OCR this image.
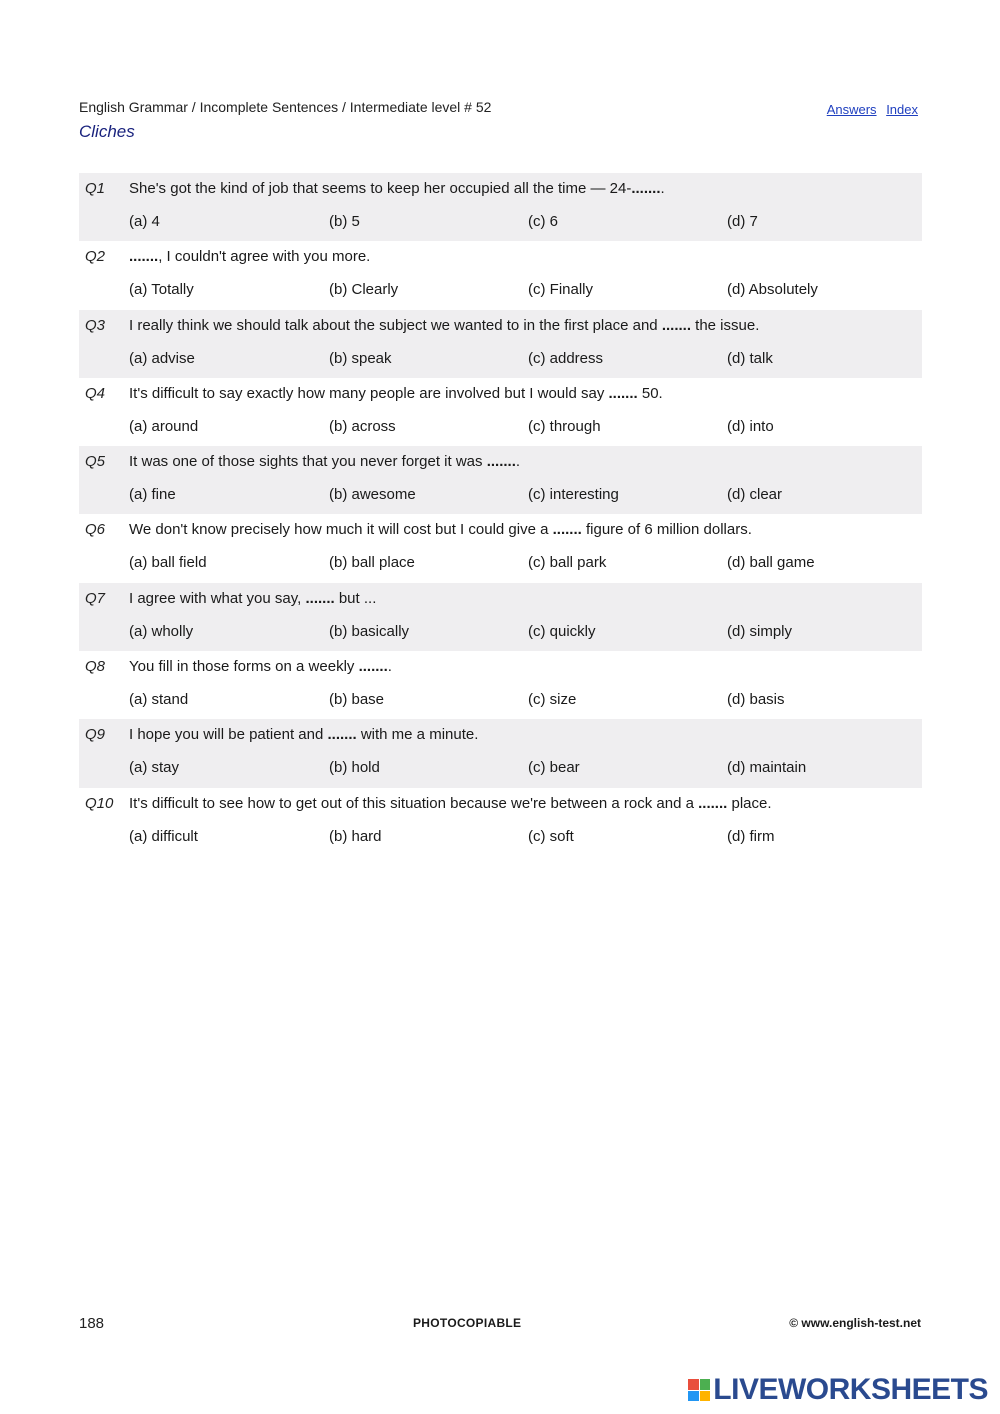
English Grammar / Incomplete Sentences / Intermediate level # 52
Cliches
Answers Index
Q1 She's got the kind of job that seems to keep her occupied all the time — 24-........
(a) 4	(b) 5	(c) 6	(d) 7
Q2 ......., I couldn't agree with you more.
(a) Totally	(b) Clearly	(c) Finally	(d) Absolutely
Q3 I really think we should talk about the subject we wanted to in the first place and ....... the issue.
(a) advise	(b) speak	(c) address	(d) talk
Q4 It's difficult to say exactly how many people are involved but I would say ....... 50.
(a) around	(b) across	(c) through	(d) into
Q5 It was one of those sights that you never forget it was ........
(a) fine	(b) awesome	(c) interesting	(d) clear
Q6 We don't know precisely how much it will cost but I could give a ....... figure of 6 million dollars.
(a) ball field	(b) ball place	(c) ball park	(d) ball game
Q7 I agree with what you say, ....... but ...
(a) wholly	(b) basically	(c) quickly	(d) simply
Q8 You fill in those forms on a weekly ........
(a) stand	(b) base	(c) size	(d) basis
Q9 I hope you will be patient and ....... with me a minute.
(a) stay	(b) hold	(c) bear	(d) maintain
Q10 It's difficult to see how to get out of this situation because we're between a rock and a ....... place.
(a) difficult	(b) hard	(c) soft	(d) firm
188	PHOTOCOPIABLE	© www.english-test.net
LIVEWORKSHEETS
